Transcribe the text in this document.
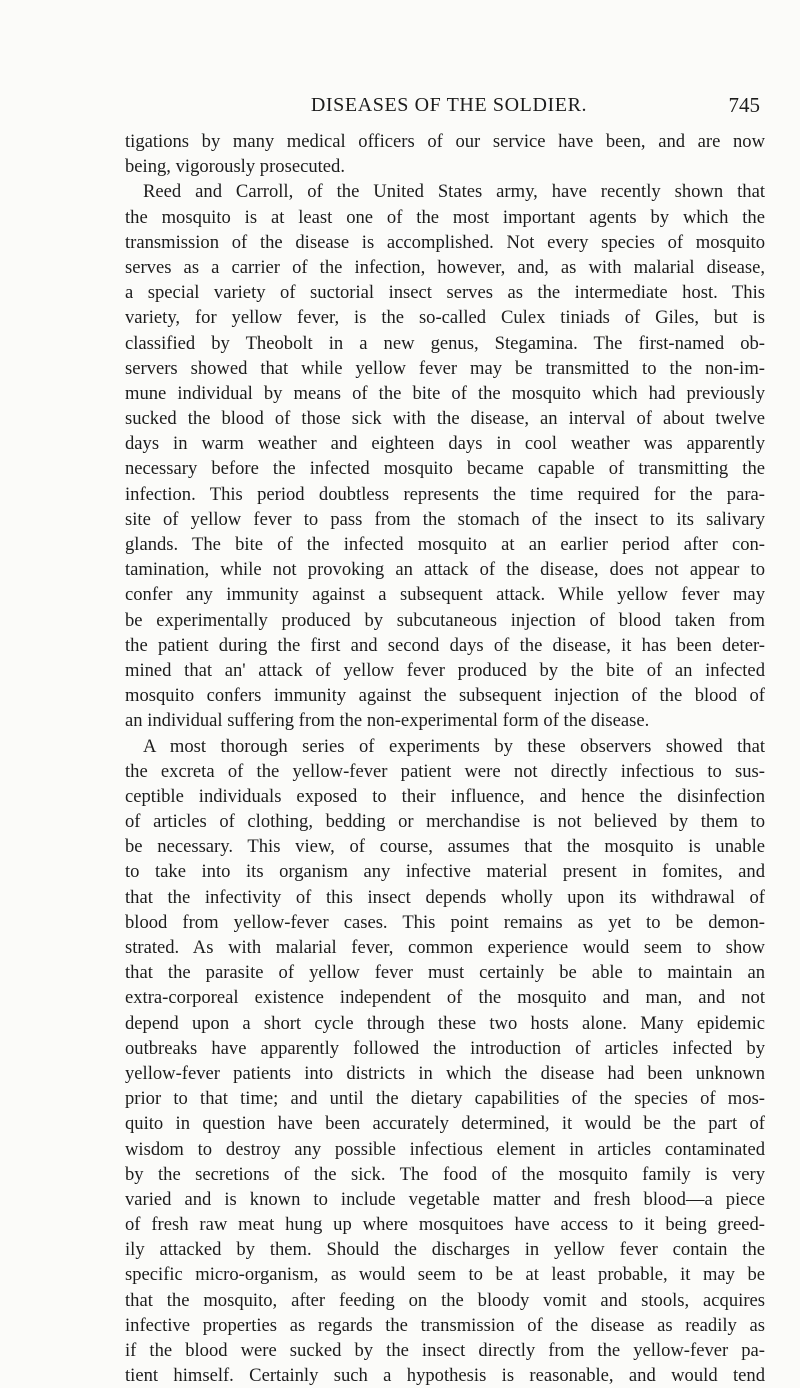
DISEASES OF THE SOLDIER.	745
tigations by many medical officers of our service have been, and are now
being, vigorously prosecuted.
Reed and Carroll, of the United States army, have recently shown that
the mosquito is at least one of the most important agents by which the
transmission of the disease is accomplished. Not every species of mosquito
serves as a carrier of the infection, however, and, as with malarial disease,
a special variety of suctorial insect serves as the intermediate host. This
variety, for yellow fever, is the so-called Culex tiniads of Giles, but is
classified by Theobolt in a new genus, Stegamina. The first-named ob-
servers showed that while yellow fever may be transmitted to the non-im-
mune individual by means of the bite of the mosquito which had previously
sucked the blood of those sick with the disease, an interval of about twelve
days in warm weather and eighteen days in cool weather was apparently
necessary before the infected mosquito became capable of transmitting the
infection. This period doubtless represents the time required for the para-
site of yellow fever to pass from the stomach of the insect to its salivary
glands. The bite of the infected mosquito at an earlier period after con-
tamination, while not provoking an attack of the disease, does not appear to
confer any immunity against a subsequent attack. While yellow fever may
be experimentally produced by subcutaneous injection of blood taken from
the patient during the first and second days of the disease, it has been deter-
mined that an' attack of yellow fever produced by the bite of an infected
mosquito confers immunity against the subsequent injection of the blood of
an individual suffering from the non-experimental form of the disease.
A most thorough series of experiments by these observers showed that
the excreta of the yellow-fever patient were not directly infectious to sus-
ceptible individuals exposed to their influence, and hence the disinfection
of articles of clothing, bedding or merchandise is not believed by them to
be necessary. This view, of course, assumes that the mosquito is unable
to take into its organism any infective material present in fomites, and
that the infectivity of this insect depends wholly upon its withdrawal of
blood from yellow-fever cases. This point remains as yet to be demon-
strated. As with malarial fever, common experience would seem to show
that the parasite of yellow fever must certainly be able to maintain an
extra-corporeal existence independent of the mosquito and man, and not
depend upon a short cycle through these two hosts alone. Many epidemic
outbreaks have apparently followed the introduction of articles infected by
yellow-fever patients into districts in which the disease had been unknown
prior to that time; and until the dietary capabilities of the species of mos-
quito in question have been accurately determined, it would be the part of
wisdom to destroy any possible infectious element in articles contaminated
by the secretions of the sick. The food of the mosquito family is very
varied and is known to include vegetable matter and fresh blood—a piece
of fresh raw meat hung up where mosquitoes have access to it being greed-
ily attacked by them. Should the discharges in yellow fever contain the
specific micro-organism, as would seem to be at least probable, it may be
that the mosquito, after feeding on the bloody vomit and stools, acquires
infective properties as regards the transmission of the disease as readily as
if the blood were sucked by the insect directly from the yellow-fever pa-
tient himself. Certainly such a hypothesis is reasonable, and would tend
